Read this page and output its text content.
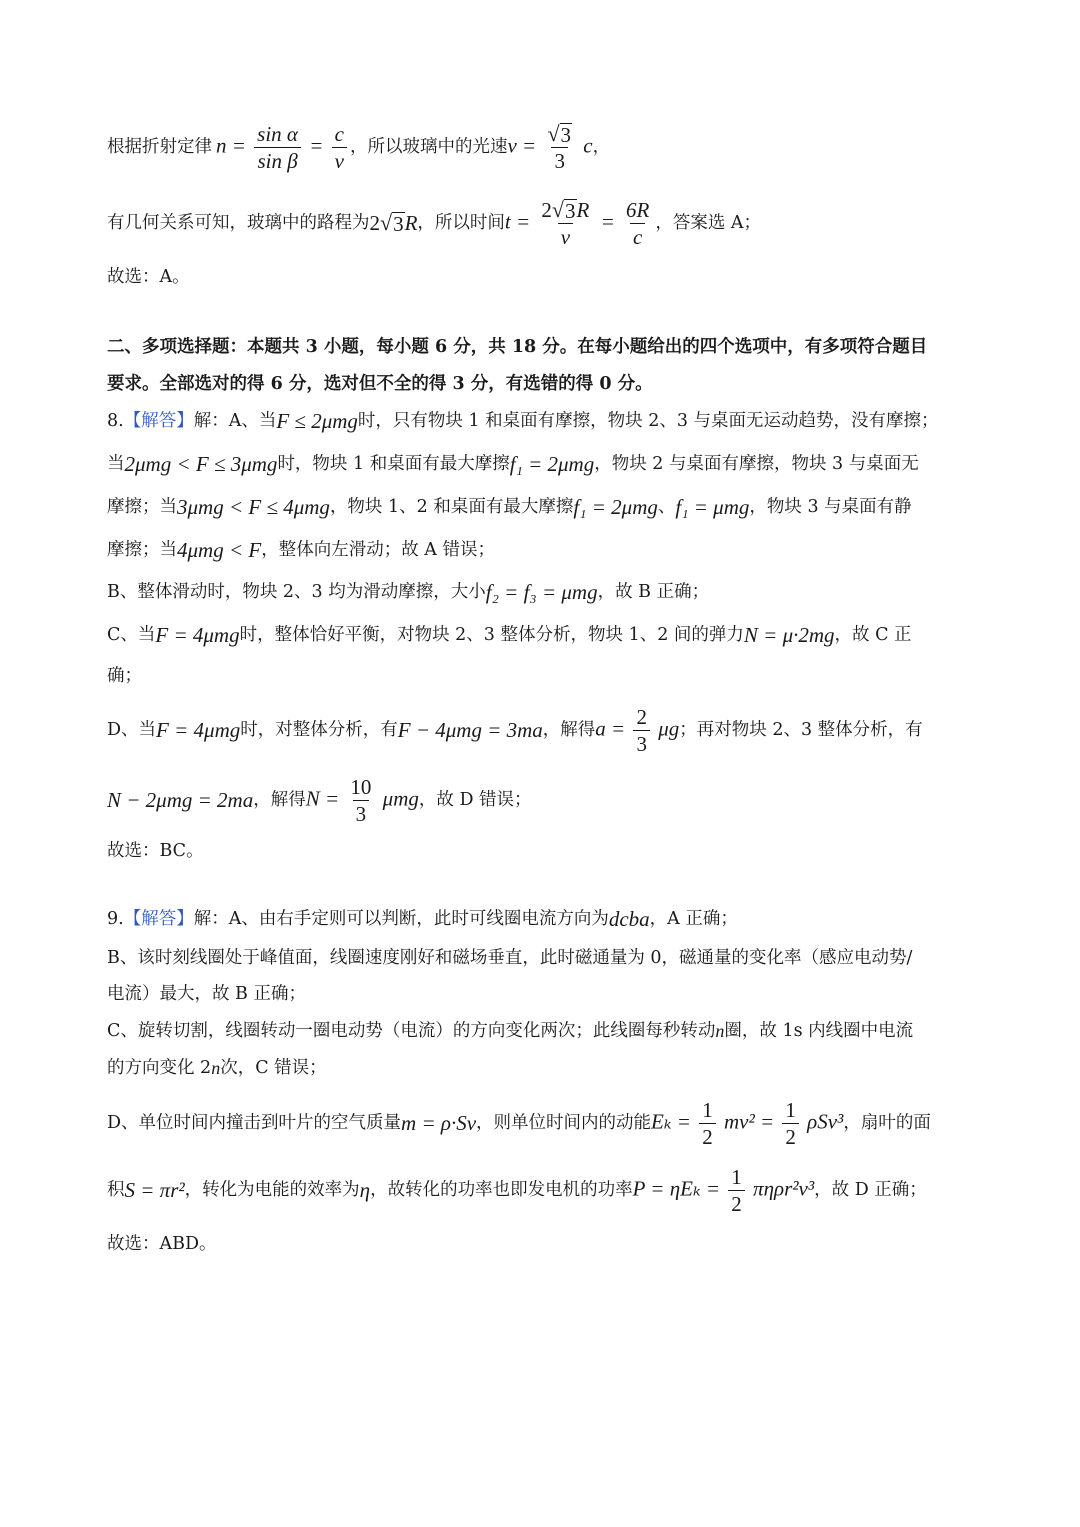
根据折射定律 $n = \frac{\text{sin α}}{\text{sin β}} = \frac{c}{v}$ ，所以玻璃中的光速 $v = \frac{√ 3}{3}$ c ，
有几何关系可知，玻璃中的路程为 2 √ 3 R ，所以时间 $t = \frac{2 √ 3 R}{v} = \frac{6R}{c}$ ，答案选 A；
故选：A。
二、多项选择题：本题共 3 小题，每小题 6 分，共 18 分。在每小题给出的四个选项中，有多项符合题目
要求。全部选对的得 6 分，选对但不全的得 3 分，有选错的得 0 分。
8. 【解答】 解：A、当 F ≤ 2μmg 时，只有物块 1 和桌面有摩擦，物块 2、3 与桌面无运动趋势，没有摩擦；
当 2μmg < F ≤ 3μmg 时，物块 1 和桌面有最大摩擦 f₁ = 2μmg ，物块 2 与桌面有摩擦，物块 3 与桌面无
摩擦；当 3μmg < F ≤ 4μmg ，物块 1、2 和桌面有最大摩擦 f₁ = 2μmg 、 f₁ = μmg ，物块 3 与桌面有静
摩擦；当 4μmg < F ，整体向左滑动；故 A 错误；
B、整体滑动时，物块 2、3 均为滑动摩擦，大小 f₂ = f₃ = μmg ，故 B 正确；
C、当 F = 4μmg 时，整体恰好平衡，对物块 2、3 整体分析，物块 1、2 间的弹力 N = μ·2mg ，故 C 正
确；
D、当 F = 4μmg 时，对整体分析，有 F − 4μmg = 3ma ，解得 $a = \frac{2}{3}$ μg ；再对物块 2、3 整体分析，有
N − 2μmg = 2ma ，解得 $N = \frac{10}{3}$ μmg ，故 D 错误；
故选：BC。
9. 【解答】 解：A、由右手定则可以判断，此时可线圈电流方向为 dcba ，A 正确；
B、该时刻线圈处于峰值面，线圈速度刚好和磁场垂直，此时磁通量为 0，磁通量的变化率（感应电动势/
电流）最大，故 B 正确；
C、旋转切割，线圈转动一圈电动势（电流）的方向变化两次；此线圈每秒转动 n 圈，故 1s 内线圈中电流
的方向变化 2 n 次，C 错误；
D、单位时间内撞击到叶片的空气质量 m = ρ·Sv ，则单位时间内的动能 $E_k = \frac{1}{2} mv^2 = \frac{1}{2} \rho Sv^3$ ，扇叶的面
积 S = πr² ，转化为电能的效率为 η ，故转化的功率也即发电机的功率 $P = \eta E_k = \frac{1}{2} \pi\eta\rho r^2v^3$ ，故 D 正确；
故选：ABD。
